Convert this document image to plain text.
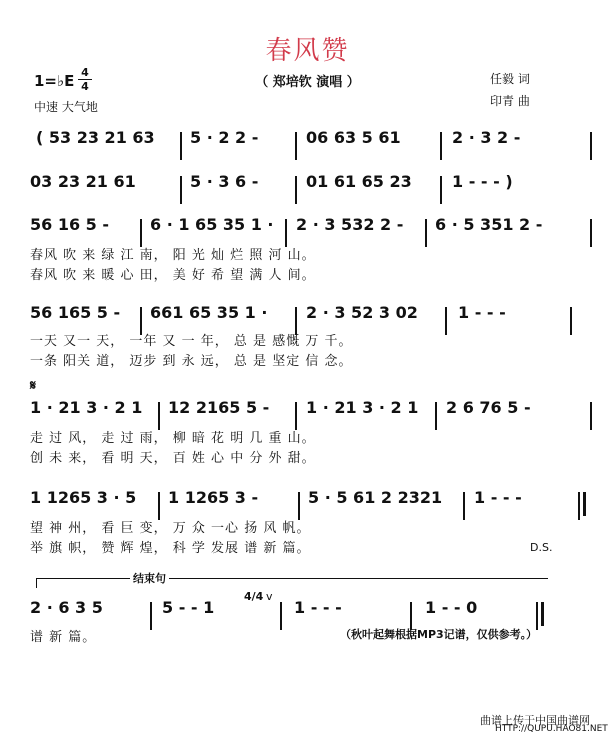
春风赞
（ 郑培钦 演唱 ）
1=♭E 4
4
中速 大气地
任毅 词
印青 曲
( 53 23 21 63 5 · 2 2 -	06 63 5 61	2 · 3 2 -
03 23 21 61	5 · 3 6 -	01 61 65 23	1 - - - )
56 16 5 -	6 · 1 65 35 1 · 2 · 3 532 2 - 6 · 5 351 2 -
春风 吹 来 绿 江 南， 阳 光 灿 烂 照 河 山。
春风 吹 来 暖 心 田， 美 好 希 望 满 人 间。
56 165 5 - 661 65 35 1 · 2 · 3 52 3 02	1 - - -
一天 又一 天， 一年 又 一 年， 总 是 感慨 万 千。
一条 阳关 道， 迈步 到 永 远， 总 是 坚定 信 念。
𝄋
1 · 21 3 · 2 1 12 2165 5 - 1 · 21 3 · 2 1 2 6 76 5 -
走 过 风， 走 过 雨， 柳 暗 花 明 几 重 山。
创 未 来， 看 明 天， 百 姓 心 中 分 外 甜。
1 1265 3 · 5 1 1265 3 -	5 · 5 61 2 2321 1 - - -
望 神 州， 看 巨 变， 万 众 一心 扬 风 帆。
举 旗 帜， 赞 辉 煌， 科 学 发展 谱 新 篇。	D.S.
结束句
2 · 6 3 5	5 - - 1	1 - - -	1 - - 0
4/4 v
谱 新 篇。	（秋叶起舞根据MP3记谱，仅供参考。）
曲谱上传于中国曲谱网
HTTP://QUPU.HAO81.NET
